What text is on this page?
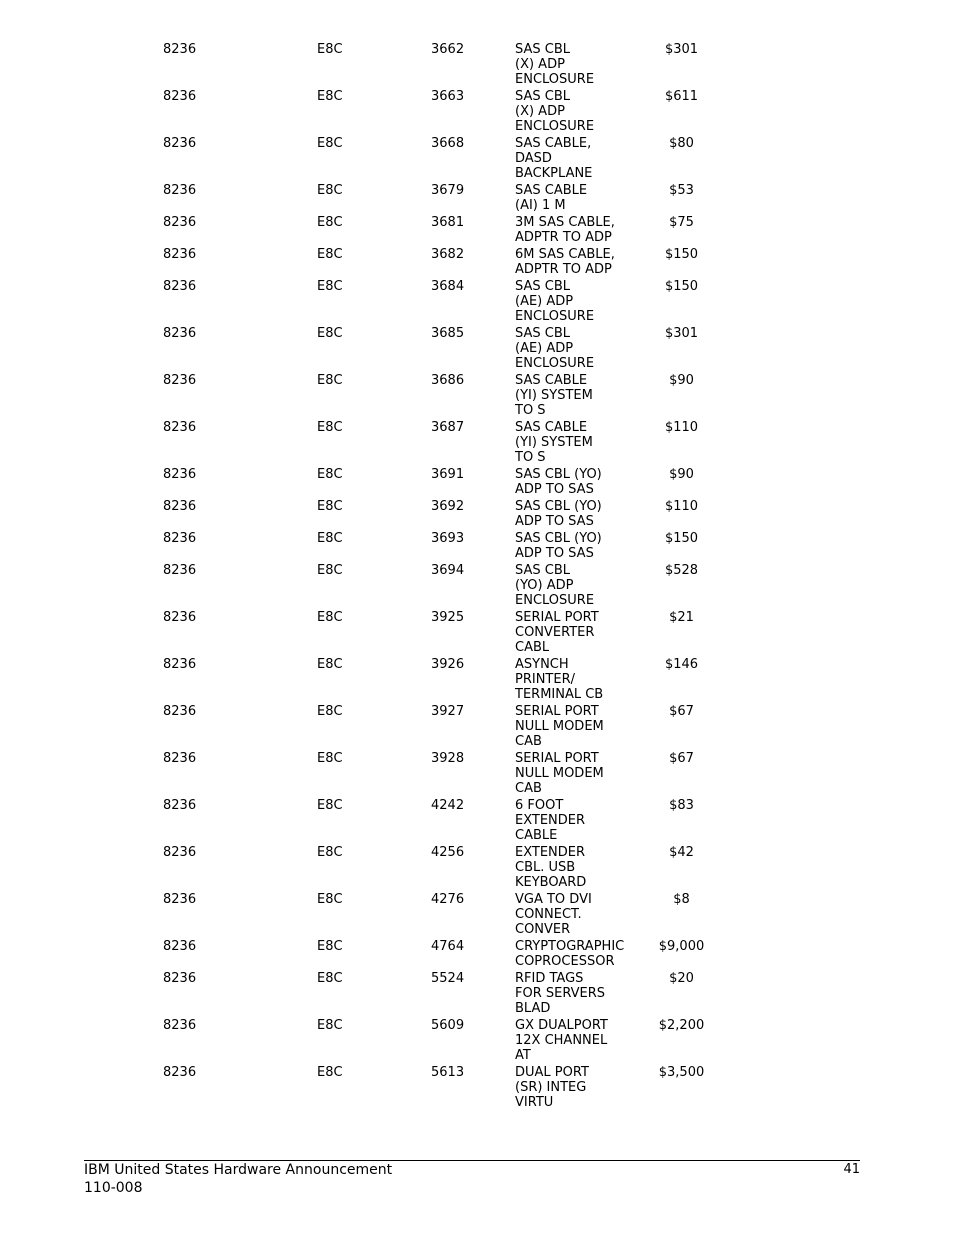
8236	E8C	3662	SAS CBL
(X) ADP
ENCLOSURE
$301
8236	E8C	3663	SAS CBL
(X) ADP
ENCLOSURE
$611
8236	E8C	3668	SAS CABLE,
DASD
BACKPLANE
$80
8236	E8C	3679	SAS CABLE
(AI) 1 M
$53
8236	E8C	3681	3M SAS CABLE,
ADPTR TO ADP
$75
8236	E8C	3682	6M SAS CABLE,
ADPTR TO ADP
$150
8236	E8C	3684	SAS CBL
(AE) ADP
ENCLOSURE
$150
8236	E8C	3685	SAS CBL
(AE) ADP
ENCLOSURE
$301
8236	E8C	3686	SAS CABLE
(YI) SYSTEM
TO S
$90
8236	E8C	3687	SAS CABLE
(YI) SYSTEM
TO S
$110
8236	E8C	3691	SAS CBL (YO)
ADP TO SAS
$90
8236	E8C	3692	SAS CBL (YO)
ADP TO SAS
$110
8236	E8C	3693	SAS CBL (YO)
ADP TO SAS
$150
8236	E8C	3694	SAS CBL
(YO) ADP
ENCLOSURE
$528
8236	E8C	3925	SERIAL PORT
CONVERTER
CABL
$21
8236	E8C	3926	ASYNCH
PRINTER/
TERMINAL CB
$146
8236	E8C	3927	SERIAL PORT
NULL MODEM
CAB
$67
8236	E8C	3928	SERIAL PORT
NULL MODEM
CAB
$67
8236	E8C	4242	6 FOOT
EXTENDER
CABLE
$83
8236	E8C	4256	EXTENDER
CBL. USB
KEYBOARD
$42
8236	E8C	4276	VGA TO DVI
CONNECT.
CONVER
$8
8236	E8C	4764	CRYPTOGRAPHIC
COPROCESSOR
$9,000
8236	E8C	5524	RFID TAGS
FOR SERVERS
BLAD
$20
8236	E8C	5609	GX DUALPORT
12X CHANNEL
AT
$2,200
8236	E8C	5613	DUAL PORT
(SR) INTEG
VIRTU
$3,500
IBM United States Hardware Announcement
110-008
41
